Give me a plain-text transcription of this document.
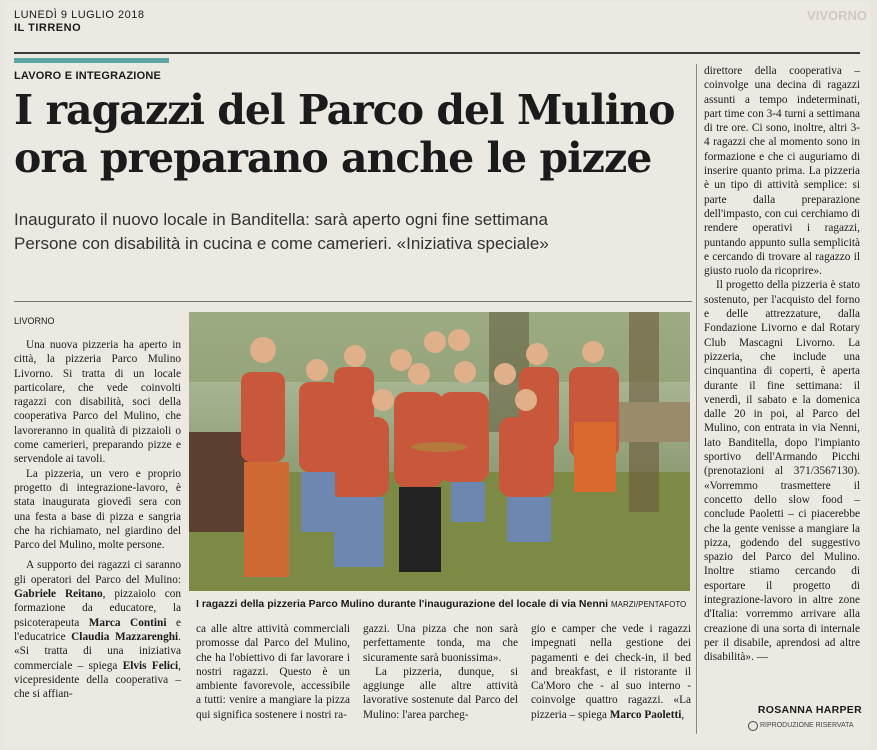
LUNEDÌ 9 LUGLIO 2018
IL TIRRENO
VIVORNO
LAVORO E INTEGRAZIONE
I ragazzi del Parco del Mulino
ora preparano anche le pizze
Inaugurato il nuovo locale in Banditella: sarà aperto ogni fine settimana
Persone con disabilità in cucina e come camerieri. «Iniziativa speciale»
LIVORNO

Una nuova pizzeria ha aperto in città, la pizzeria Parco Mulino Livorno. Si tratta di un locale particolare, che vede coinvolti ragazzi con disabilità, soci della cooperativa Parco del Mulino, che lavoreranno in qualità di pizzaioli o come camerieri, preparando pizze e servendole ai tavoli.

La pizzeria, un vero e proprio progetto di integrazione-lavoro, è stata inaugurata giovedì sera con una festa a base di pizza e sangria che ha richiamato, nel giardino del Parco del Mulino, molte persone.

A supporto dei ragazzi ci saranno gli operatori del Parco del Mulino: Gabriele Reitano, pizzaiolo con formazione da educatore, la psicoterapeuta Marca Contini e l'educatrice Claudia Mazzarenghi. «Si tratta di una iniziativa commerciale – spiega Elvis Felici, vicepresidente della cooperativa – che si affian-

I ragazzi della pizzeria Parco Mulino durante l'inaugurazione del locale di via Nenni MARZI/PENTAFOTO

ca alle altre attività commerciali promosse dal Parco del Mulino, che ha l'obiettivo di far lavorare i nostri ragazzi. Questo è un ambiente favorevole, accessibile a tutti: venire a mangiare la pizza qui significa sostenere i nostri ra-

gazzi. Una pizza che non sarà perfettamente tonda, ma che sicuramente sarà buonissima».

La pizzeria, dunque, si aggiunge alle altre attività lavorative sostenute dal Parco del Mulino: l'area parcheg-

gio e camper che vede i ragazzi impegnati nella gestione dei pagamenti e dei check-in, il bed and breakfast, e il ristorante il Ca'Moro che - al suo interno - coinvolge quattro ragazzi. «La pizzeria – spiega Marco Paoletti,

direttore della cooperativa – coinvolge una decina di ragazzi assunti a tempo indeterminati, part time con 3-4 turni a settimana di tre ore. Ci sono, inoltre, altri 3-4 ragazzi che al momento sono in formazione e che ci auguriamo di inserire quanto prima. La pizzeria è un tipo di attività semplice: si parte dalla preparazione dell'impasto, con cui cerchiamo di rendere operativi i ragazzi, puntando appunto sulla semplicità e cercando di trovare al ragazzo il giusto ruolo da ricoprire».

Il progetto della pizzeria è stato sostenuto, per l'acquisto del forno e delle attrezzature, dalla Fondazione Livorno e dal Rotary Club Mascagni Livorno. La pizzeria, che include una cinquantina di coperti, è aperta durante il fine settimana: il venerdì, il sabato e la domenica dalle 20 in poi, al Parco del Mulino, con entrata in via Nenni, lato Banditella, dopo l'impianto sportivo dell'Armando Picchi (prenotazioni al 371/3567130). «Vorremmo trasmettere il concetto dello slow food – conclude Paoletti – ci piacerebbe che la gente venisse a mangiare la pizza, godendo del suggestivo spazio del Parco del Mulino. Inoltre stiamo cercando di esportare il progetto di integrazione-lavoro in altre zone d'Italia: vorremmo arrivare alla creazione di una sorta di internale per il disabile, aprendosi ad altre disabilità». —

ROSANNA HARPER
RIPRODUZIONE RISERVATA
